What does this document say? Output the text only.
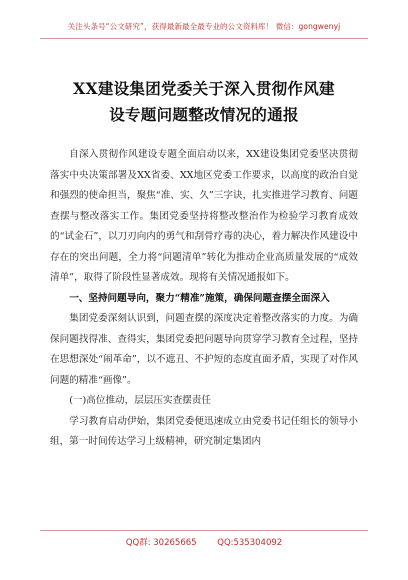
关注头条号“公文研究”，获得最新最全最专业的公文资料库！ 微信：gongwenyj
XX建设集团党委关于深入贯彻作风建
设专题问题整改情况的通报

自深入贯彻作风建设专题全面启动以来，XX建设集团党委坚决贯彻落实中央决策部署及XX省委、XX地区党委工作要求，以高度的政治自觉和强烈的使命担当，聚焦“准、实、久”三字诀，扎实推进学习教育、问题查摆与整改落实工作。集团党委坚持将整改整治作为检验学习教育成效的“试金石”，以刀刃向内的勇气和刮骨疗毒的决心，着力解决作风建设中存在的突出问题，全力将“问题清单”转化为推动企业高质量发展的“成效清单”，取得了阶段性显著成效。现将有关情况通报如下。

一、坚持问题导向，聚力“精准”施策，确保问题查摆全面深入

集团党委深刻认识到，问题查摆的深度决定着整改落实的力度。为确保问题找得准、查得实，集团党委把问题导向贯穿学习教育全过程，坚持在思想深处“闹革命”，以不遮丑、不护短的态度直面矛盾，实现了对作风问题的精准“画像”。

(一)高位推动，层层压实查摆责任

学习教育启动伊始，集团党委便迅速成立由党委书记任组长的领导小组，第一时间传达学习上级精神，研究制定集团内

QQ群: 30265665 QQ:535304092
